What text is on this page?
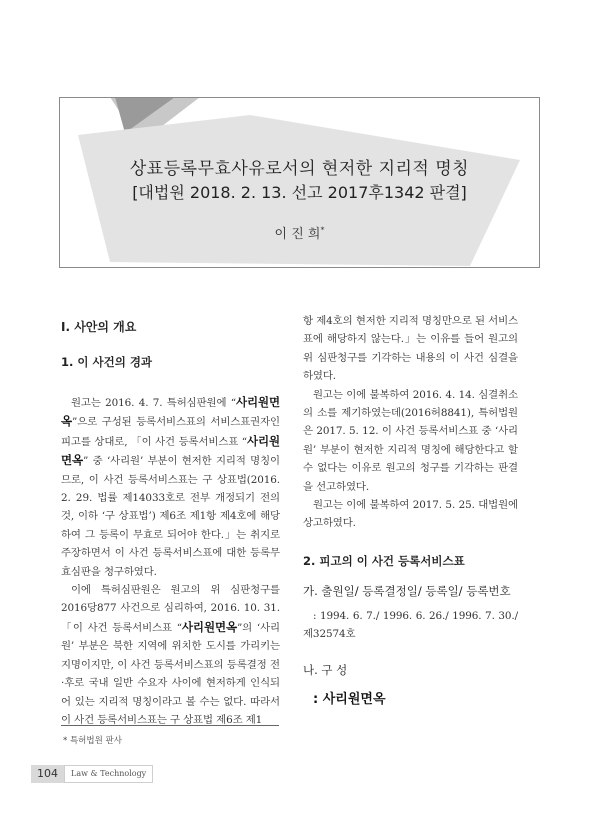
상표등록무효사유로서의 현저한 지리적 명칭
[대법원 2018. 2. 13. 선고 2017후1342 판결]
이 진 희*
I. 사안의 개요
1. 이 사건의 경과

원고는 2016. 4. 7. 특허심판원에 “사리원면옥”으로 구성된 등록서비스표의 서비스표권자인 피고를 상대로, 「이 사건 등록서비스표 “사리원면옥” 중 ‘사리원’ 부분이 현저한 지리적 명칭이므로, 이 사건 등록서비스표는 구 상표법(2016. 2. 29. 법률 제14033호로 전부 개정되기 전의 것, 이하 ‘구 상표법’) 제6조 제1항 제4호에 해당하여 그 등록이 무효로 되어야 한다.」는 취지로 주장하면서 이 사건 등록서비스표에 대한 등록무효심판을 청구하였다.

이에 특허심판원은 원고의 위 심판청구를 2016당877 사건으로 심리하여, 2016. 10. 31. 「이 사건 등록서비스표 “사리원면옥”의 ‘사리원’ 부분은 북한 지역에 위치한 도시를 가리키는 지명이지만, 이 사건 등록서비스표의 등록결정 전·후로 국내 일반 수요자 사이에 현저하게 인식되어 있는 지리적 명칭이라고 볼 수는 없다. 따라서 이 사건 등록서비스표는 구 상표법 제6조 제1

항 제4호의 현저한 지리적 명칭만으로 된 서비스표에 해당하지 않는다.」는 이유를 들어 원고의 위 심판청구를 기각하는 내용의 이 사건 심결을 하였다.

원고는 이에 불복하여 2016. 4. 14. 심결취소의 소를 제기하였는데(2016허8841), 특허법원은 2017. 5. 12. 이 사건 등록서비스표 중 ‘사리원’ 부분이 현저한 지리적 명칭에 해당한다고 할 수 없다는 이유로 원고의 청구를 기각하는 판결을 선고하였다.

원고는 이에 불복하여 2017. 5. 25. 대법원에 상고하였다.

2. 피고의 이 사건 등록서비스표
가. 출원일/ 등록결정일/ 등록일/ 등록번호

: 1994. 6. 7./ 1996. 6. 26./ 1996. 7. 30./ 제32574호

나. 구 성
: 사리원면옥
* 특허법원 판사
104	Law & Technology
